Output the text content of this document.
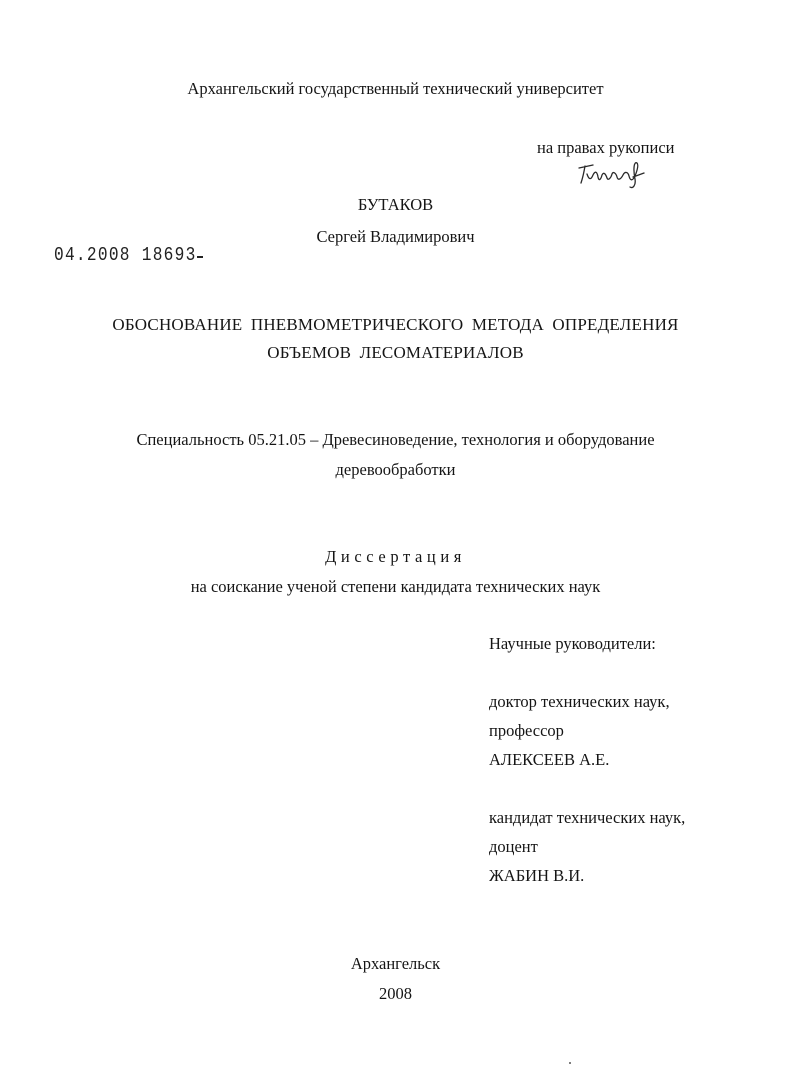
Архангельский государственный технический университет
на правах рукописи
БУТАКОВ
Сергей Владимирович
04.2008 18693
ОБОСНОВАНИЕ ПНЕВМОМЕТРИЧЕСКОГО МЕТОДА ОПРЕДЕЛЕНИЯ
ОБЪЕМОВ ЛЕСОМАТЕРИАЛОВ
Специальность 05.21.05 – Древесиноведение, технология и оборудование
деревообработки
Диссертация
на соискание ученой степени кандидата технических наук
Научные руководители:
доктор технических наук,
профессор
АЛЕКСЕЕВ А.Е.
кандидат технических наук,
доцент
ЖАБИН В.И.
Архангельск
2008
